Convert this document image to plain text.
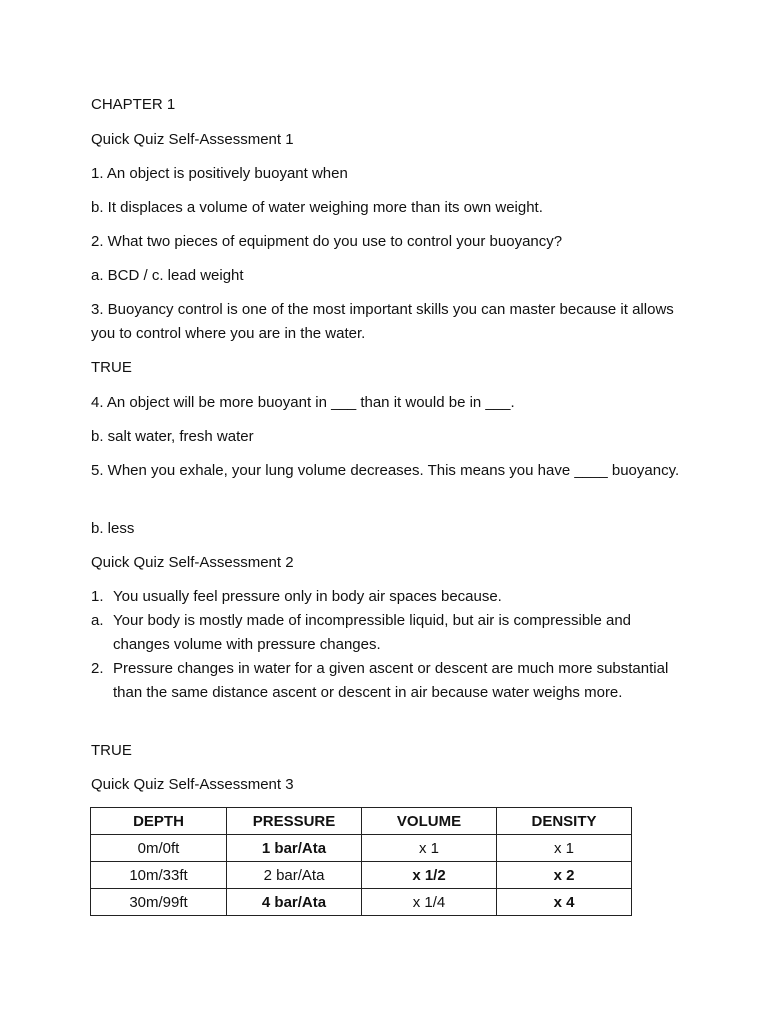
CHAPTER 1
Quick Quiz Self-Assessment 1
1. An object is positively buoyant when
b. It displaces a volume of water weighing more than its own weight.
2. What two pieces of equipment do you use to control your buoyancy?
a. BCD / c. lead weight
3. Buoyancy control is one of the most important skills you can master because it allows you to control where you are in the water.
TRUE
4. An object will be more buoyant in ___ than it would be in ___.
b. salt water, fresh water
5. When you exhale, your lung volume decreases. This means you have ____ buoyancy.
b. less
Quick Quiz Self-Assessment 2
1. You usually feel pressure only in body air spaces because.
a. Your body is mostly made of incompressible liquid, but air is compressible and changes volume with pressure changes.
2. Pressure changes in water for a given ascent or descent are much more substantial than the same distance ascent or descent in air because water weighs more.
TRUE
Quick Quiz Self-Assessment 3
DEPTH	PRESSURE	VOLUME	DENSITY
0m/0ft	1 bar/Ata	x 1	x 1
10m/33ft	2 bar/Ata	x 1/2	x 2
30m/99ft	4 bar/Ata	x 1/4	x 4
